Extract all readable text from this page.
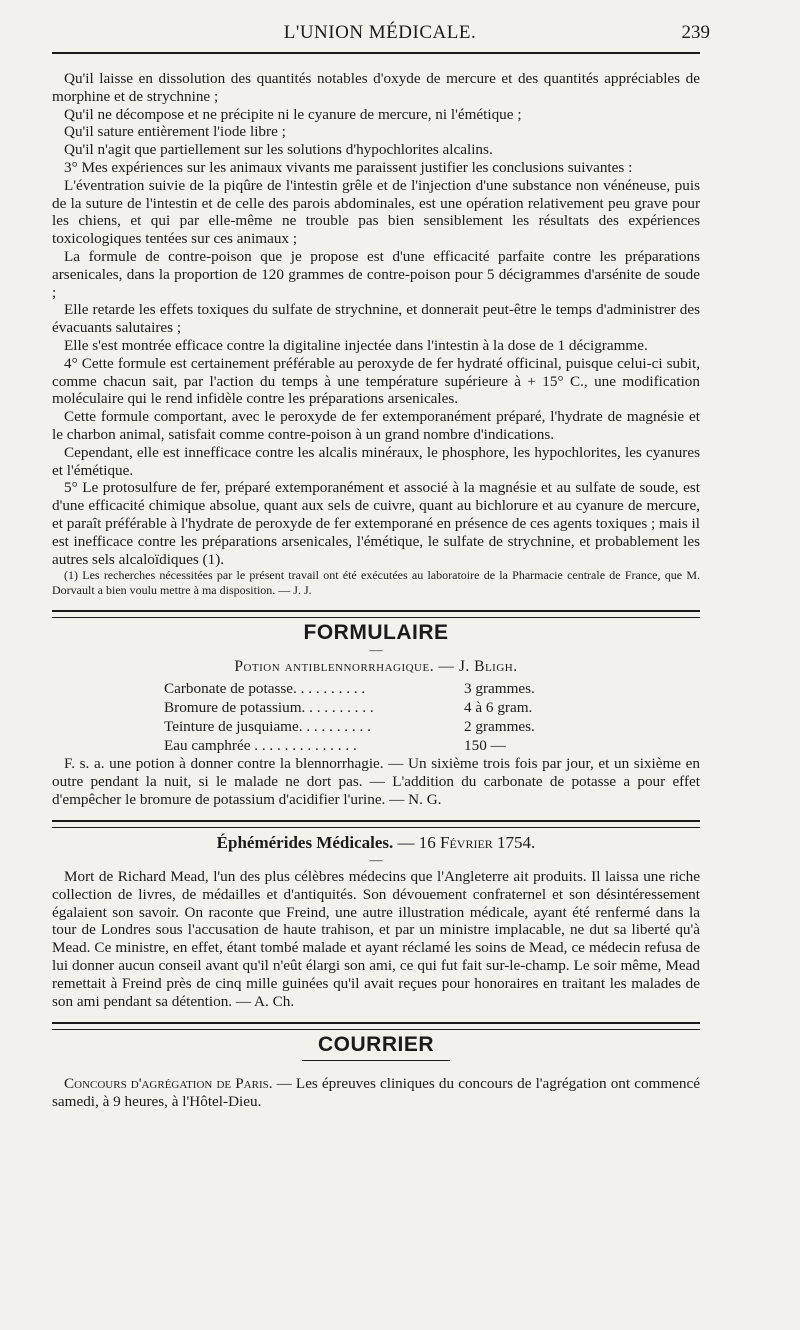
L'UNION MÉDICALE.	239

Qu'il laisse en dissolution des quantités notables d'oxyde de mercure et des quantités appréciables de morphine et de strychnine ;

Qu'il ne décompose et ne précipite ni le cyanure de mercure, ni l'émétique ;

Qu'il sature entièrement l'iode libre ;

Qu'il n'agit que partiellement sur les solutions d'hypochlorites alcalins.

3° Mes expériences sur les animaux vivants me paraissent justifier les conclusions suivantes :

L'éventration suivie de la piqûre de l'intestin grêle et de l'injection d'une substance non vénéneuse, puis de la suture de l'intestin et de celle des parois abdominales, est une opération relativement peu grave pour les chiens, et qui par elle-même ne trouble pas bien sensiblement les résultats des expériences toxicologiques tentées sur ces animaux ;

La formule de contre-poison que je propose est d'une efficacité parfaite contre les préparations arsenicales, dans la proportion de 120 grammes de contre-poison pour 5 décigrammes d'arsénite de soude ;

Elle retarde les effets toxiques du sulfate de strychnine, et donnerait peut-être le temps d'administrer des évacuants salutaires ;

Elle s'est montrée efficace contre la digitaline injectée dans l'intestin à la dose de 1 décigramme.

4° Cette formule est certainement préférable au peroxyde de fer hydraté officinal, puisque celui-ci subit, comme chacun sait, par l'action du temps à une température supérieure à + 15° C., une modification moléculaire qui le rend infidèle contre les préparations arsenicales.

Cette formule comportant, avec le peroxyde de fer extemporanément préparé, l'hydrate de magnésie et le charbon animal, satisfait comme contre-poison à un grand nombre d'indications.

Cependant, elle est innefficace contre les alcalis minéraux, le phosphore, les hypochlorites, les cyanures et l'émétique.

5° Le protosulfure de fer, préparé extemporanément et associé à la magnésie et au sulfate de soude, est d'une efficacité chimique absolue, quant aux sels de cuivre, quant au bichlorure et au cyanure de mercure, et paraît préférable à l'hydrate de peroxyde de fer extemporané en présence de ces agents toxiques ; mais il est inefficace contre les préparations arsenicales, l'émétique, le sulfate de strychnine, et probablement les autres sels alcaloïdiques (1).

(1) Les recherches nécessitées par le présent travail ont été exécutées au laboratoire de la Pharmacie centrale de France, que M. Dorvault a bien voulu mettre à ma disposition. — J. J.

FORMULAIRE
—
Potion antiblennorrhagique. — J. Bligh.
Carbonate de potasse. . . . . . . . . .	3 grammes.
Bromure de potassium. . . . . . . . . .	4 à 6 gram.
Teinture de jusquiame. . . . . . . . . .	2 grammes.
Eau camphrée . . . . . . . . . . . . . .	150 —

F. s. a. une potion à donner contre la blennorrhagie. — Un sixième trois fois par jour, et un sixième en outre pendant la nuit, si le malade ne dort pas. — L'addition du carbonate de potasse a pour effet d'empêcher le bromure de potassium d'acidifier l'urine. — N. G.

Éphémérides Médicales. — 16 Février 1754.
—

Mort de Richard Mead, l'un des plus célèbres médecins que l'Angleterre ait produits. Il laissa une riche collection de livres, de médailles et d'antiquités. Son dévouement confraternel et son désintéressement égalaient son savoir. On raconte que Freind, une autre illustration médicale, ayant été renfermé dans la tour de Londres sous l'accusation de haute trahison, et par un ministre implacable, ne dut sa liberté qu'à Mead. Ce ministre, en effet, étant tombé malade et ayant réclamé les soins de Mead, ce médecin refusa de lui donner aucun conseil avant qu'il n'eût élargi son ami, ce qui fut fait sur-le-champ. Le soir même, Mead remettait à Freind près de cinq mille guinées qu'il avait reçues pour honoraires en traitant les malades de son ami pendant sa détention. — A. Ch.

COURRIER

Concours d'agrégation de Paris. — Les épreuves cliniques du concours de l'agrégation ont commencé samedi, à 9 heures, à l'Hôtel-Dieu.
